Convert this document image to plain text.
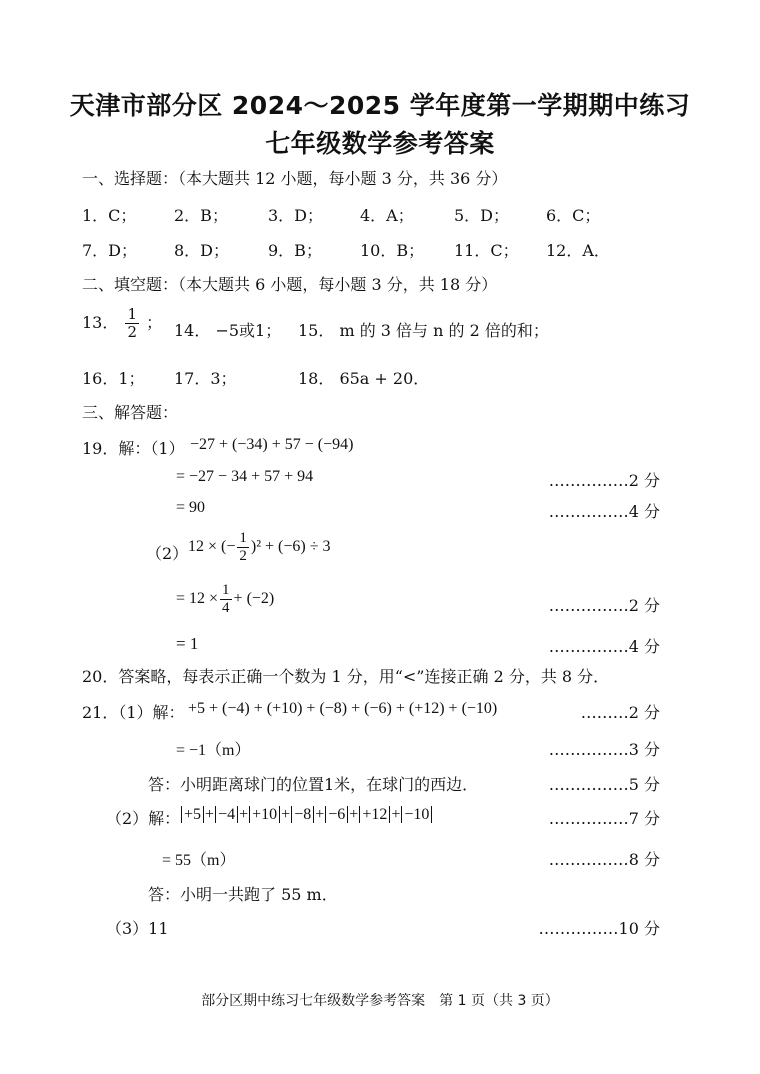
天津市部分区 2024～2025 学年度第一学期期中练习
七年级数学参考答案
一、选择题：（本大题共 12 小题，每小题 3 分，共 36 分）
1．C； 2．B；	3．D； 4．A；	5．D； 6．C；
7．D； 8．D； 9．B； 10．B； 11．C； 12．A．
二、填空题：（本大题共 6 小题，每小题 3 分，共 18 分）
13． $\frac{1}{2}$ ； 14． −5或1； 15． m 的 3 倍与 n 的 2 倍的和；
16．1； 17．3；	18． 65a + 20．
三、解答题：
19．解：（1） −27 + (−34) + 57 − (−94)
= −27 − 34 + 57 + 94	……………2 分
= 90	……………4 分
（2） 12 × (− $\frac{1}{2} )^2 + (-6) \div 3$
= $12 \times \frac{1}{4} + (-2)$	……………2 分
= 1	……………4 分
20．答案略，每表示正确一个数为 1 分，用“<”连接正确 2 分，共 8 分．
21．（1）解： +5 + (−4) + (+10) + (−8) + (−6) + (+12) + (−10)	………2 分
= −1（m）	……………3 分
答：小明距离球门的位置1米，在球门的西边．	……………5 分
（2）解： +5 + −4 + +10 + −8 + −6 + +12 + −10	……………7 分
= 55（m）	……………8 分
答：小明一共跑了 55 m．
（3）11	……………10 分
部分区期中练习七年级数学参考答案　第 1 页（共 3 页）
